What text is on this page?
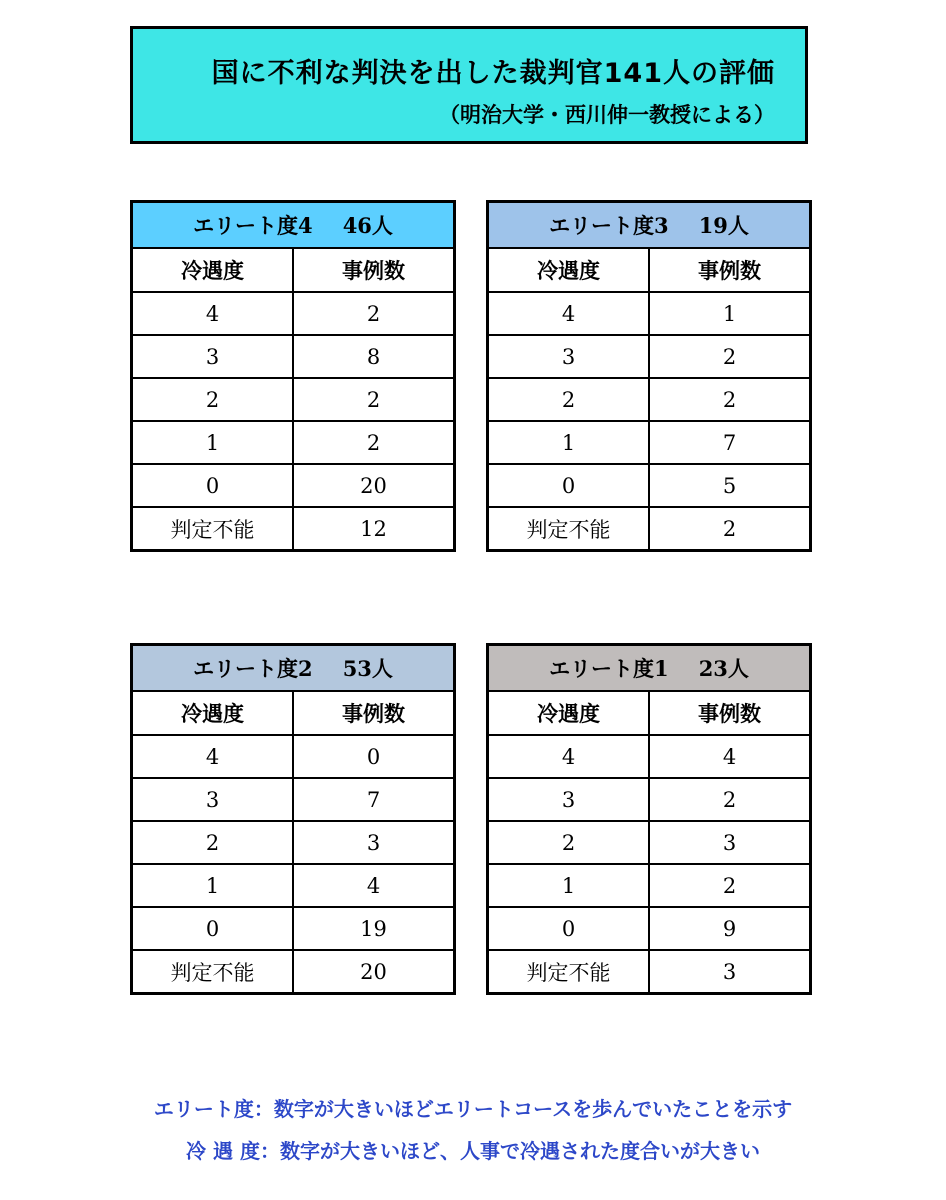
国に不利な判決を出した裁判官141人の評価
（明治大学・西川伸一教授による）
エリート度4 46人	
冷遇度	事例数
4	2
3	8
2	2
1	2
0	20
判定不能	12
エリート度3 19人	
冷遇度	事例数
4	1
3	2
2	2
1	7
0	5
判定不能	2
エリート度2 53人	
冷遇度	事例数
4	0
3	7
2	3
1	4
0	19
判定不能	20
エリート度1 23人	
冷遇度	事例数
4	4
3	2
2	3
1	2
0	9
判定不能	3
エリート度：数字が大きいほどエリートコースを歩んでいたことを示す
冷 遇 度：数字が大きいほど、人事で冷遇された度合いが大きい
